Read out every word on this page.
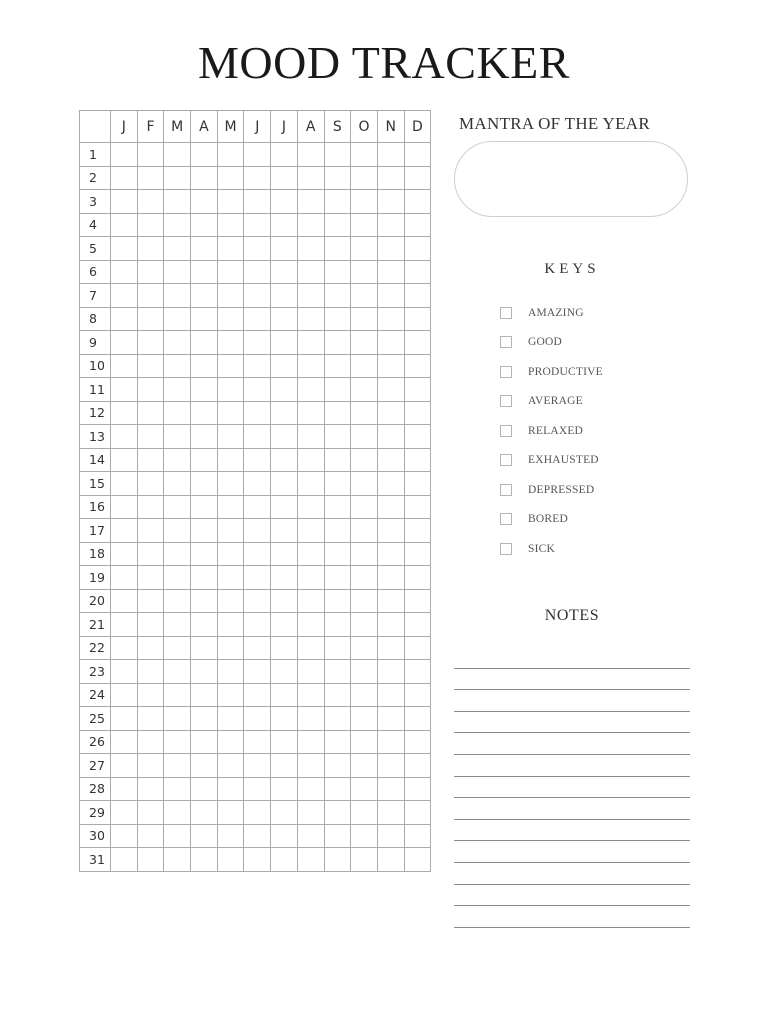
MOOD TRACKER
	J	F	M	A	M	J	J	A	S	O	N	D
1												
2												
3												
4												
5												
6												
7												
8												
9												
10												
11												
12												
13												
14												
15												
16												
17												
18												
19												
20												
21												
22												
23												
24												
25												
26												
27												
28												
29												
30												
31												
MANTRA OF THE YEAR
KEYS
AMAZING
GOOD
PRODUCTIVE
AVERAGE
RELAXED
EXHAUSTED
DEPRESSED
BORED
SICK
NOTES
